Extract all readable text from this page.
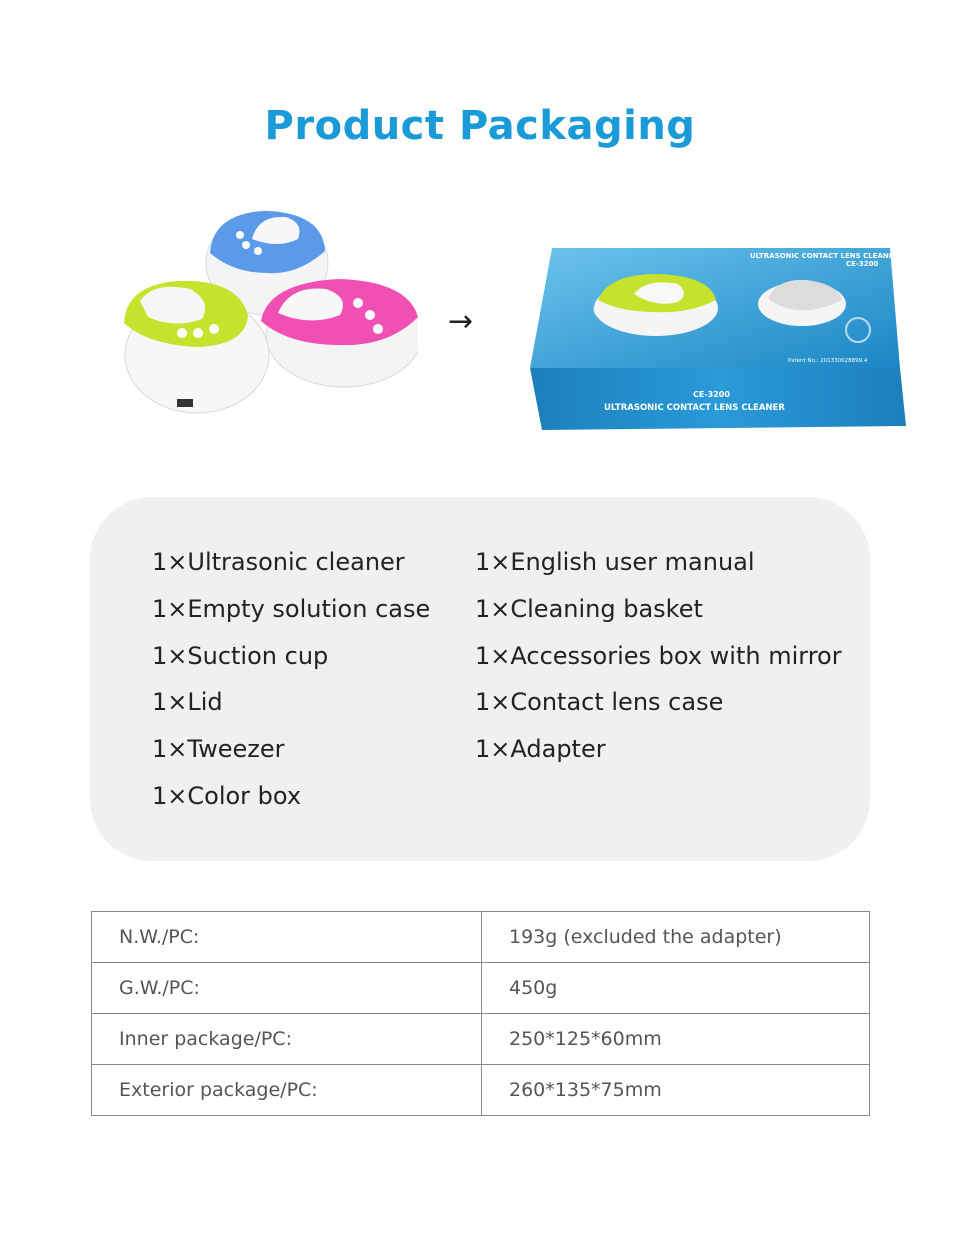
Product Packaging
→
ULTRASONIC CONTACT LENS CLEANER
CE-3200
Patent No.: 201330028899.4
CE-3200
ULTRASONIC CONTACT LENS CLEANER
1×Ultrasonic cleaner
1×Empty solution case
1×Suction cup
1×Lid
1×Tweezer
1×Color box
1×English user manual
1×Cleaning basket
1×Accessories box with mirror
1×Contact lens case
1×Adapter
N.W./PC:	193g (excluded the adapter)
G.W./PC:	450g
Inner package/PC:	250*125*60mm
Exterior package/PC:	260*135*75mm
